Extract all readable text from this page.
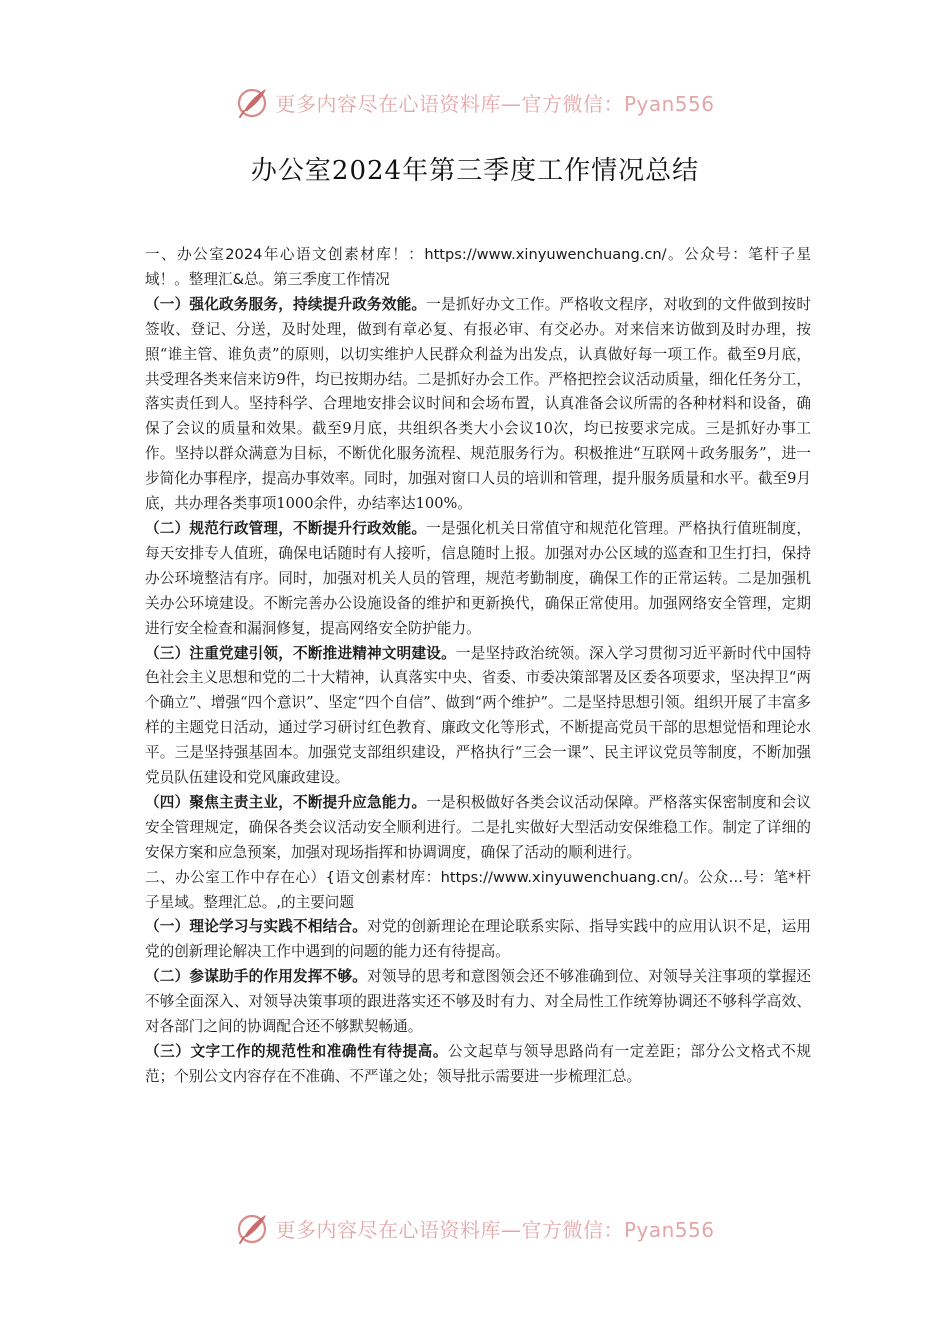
更多内容尽在心语资料库—官方微信：Pyan556
办公室2024年第三季度工作情况总结

一、办公室2024年心语文创素材库！：https://www.xinyuwenchuang.cn/。公众号：笔杆子星域！。整理汇&总。第三季度工作情况

（一）强化政务服务，持续提升政务效能。一是抓好办文工作。严格收文程序，对收到的文件做到按时签收、登记、分送，及时处理，做到有章必复、有报必审、有交必办。对来信来访做到及时办理，按照“谁主管、谁负责”的原则，以切实维护人民群众利益为出发点，认真做好每一项工作。截至9月底，共受理各类来信来访9件，均已按期办结。二是抓好办会工作。严格把控会议活动质量，细化任务分工，落实责任到人。坚持科学、合理地安排会议时间和会场布置，认真准备会议所需的各种材料和设备，确保了会议的质量和效果。截至9月底，共组织各类大小会议10次，均已按要求完成。三是抓好办事工作。坚持以群众满意为目标，不断优化服务流程、规范服务行为。积极推进“互联网＋政务服务”，进一步简化办事程序，提高办事效率。同时，加强对窗口人员的培训和管理，提升服务质量和水平。截至9月底，共办理各类事项1000余件，办结率达100%。

（二）规范行政管理，不断提升行政效能。一是强化机关日常值守和规范化管理。严格执行值班制度，每天安排专人值班，确保电话随时有人接听，信息随时上报。加强对办公区域的巡查和卫生打扫，保持办公环境整洁有序。同时，加强对机关人员的管理，规范考勤制度，确保工作的正常运转。二是加强机关办公环境建设。不断完善办公设施设备的维护和更新换代，确保正常使用。加强网络安全管理，定期进行安全检查和漏洞修复，提高网络安全防护能力。

（三）注重党建引领，不断推进精神文明建设。一是坚持政治统领。深入学习贯彻习近平新时代中国特色社会主义思想和党的二十大精神，认真落实中央、省委、市委决策部署及区委各项要求，坚决捍卫“两个确立”、增强“四个意识”、坚定“四个自信”、做到“两个维护”。二是坚持思想引领。组织开展了丰富多样的主题党日活动，通过学习研讨红色教育、廉政文化等形式，不断提高党员干部的思想觉悟和理论水平。三是坚持强基固本。加强党支部组织建设，严格执行“三会一课”、民主评议党员等制度，不断加强党员队伍建设和党风廉政建设。

（四）聚焦主责主业，不断提升应急能力。一是积极做好各类会议活动保障。严格落实保密制度和会议安全管理规定，确保各类会议活动安全顺利进行。二是扎实做好大型活动安保维稳工作。制定了详细的安保方案和应急预案，加强对现场指挥和协调调度，确保了活动的顺利进行。

二、办公室工作中存在心）{语文创素材库：https://www.xinyuwenchuang.cn/。公众…号：笔*杆子星域。整理汇总。,的主要问题

（一）理论学习与实践不相结合。对党的创新理论在理论联系实际、指导实践中的应用认识不足，运用党的创新理论解决工作中遇到的问题的能力还有待提高。

（二）参谋助手的作用发挥不够。对领导的思考和意图领会还不够准确到位、对领导关注事项的掌握还不够全面深入、对领导决策事项的跟进落实还不够及时有力、对全局性工作统筹协调还不够科学高效、对各部门之间的协调配合还不够默契畅通。

（三）文字工作的规范性和准确性有待提高。公文起草与领导思路尚有一定差距；部分公文格式不规范；个别公文内容存在不准确、不严谨之处；领导批示需要进一步梳理汇总。

更多内容尽在心语资料库—官方微信：Pyan556
